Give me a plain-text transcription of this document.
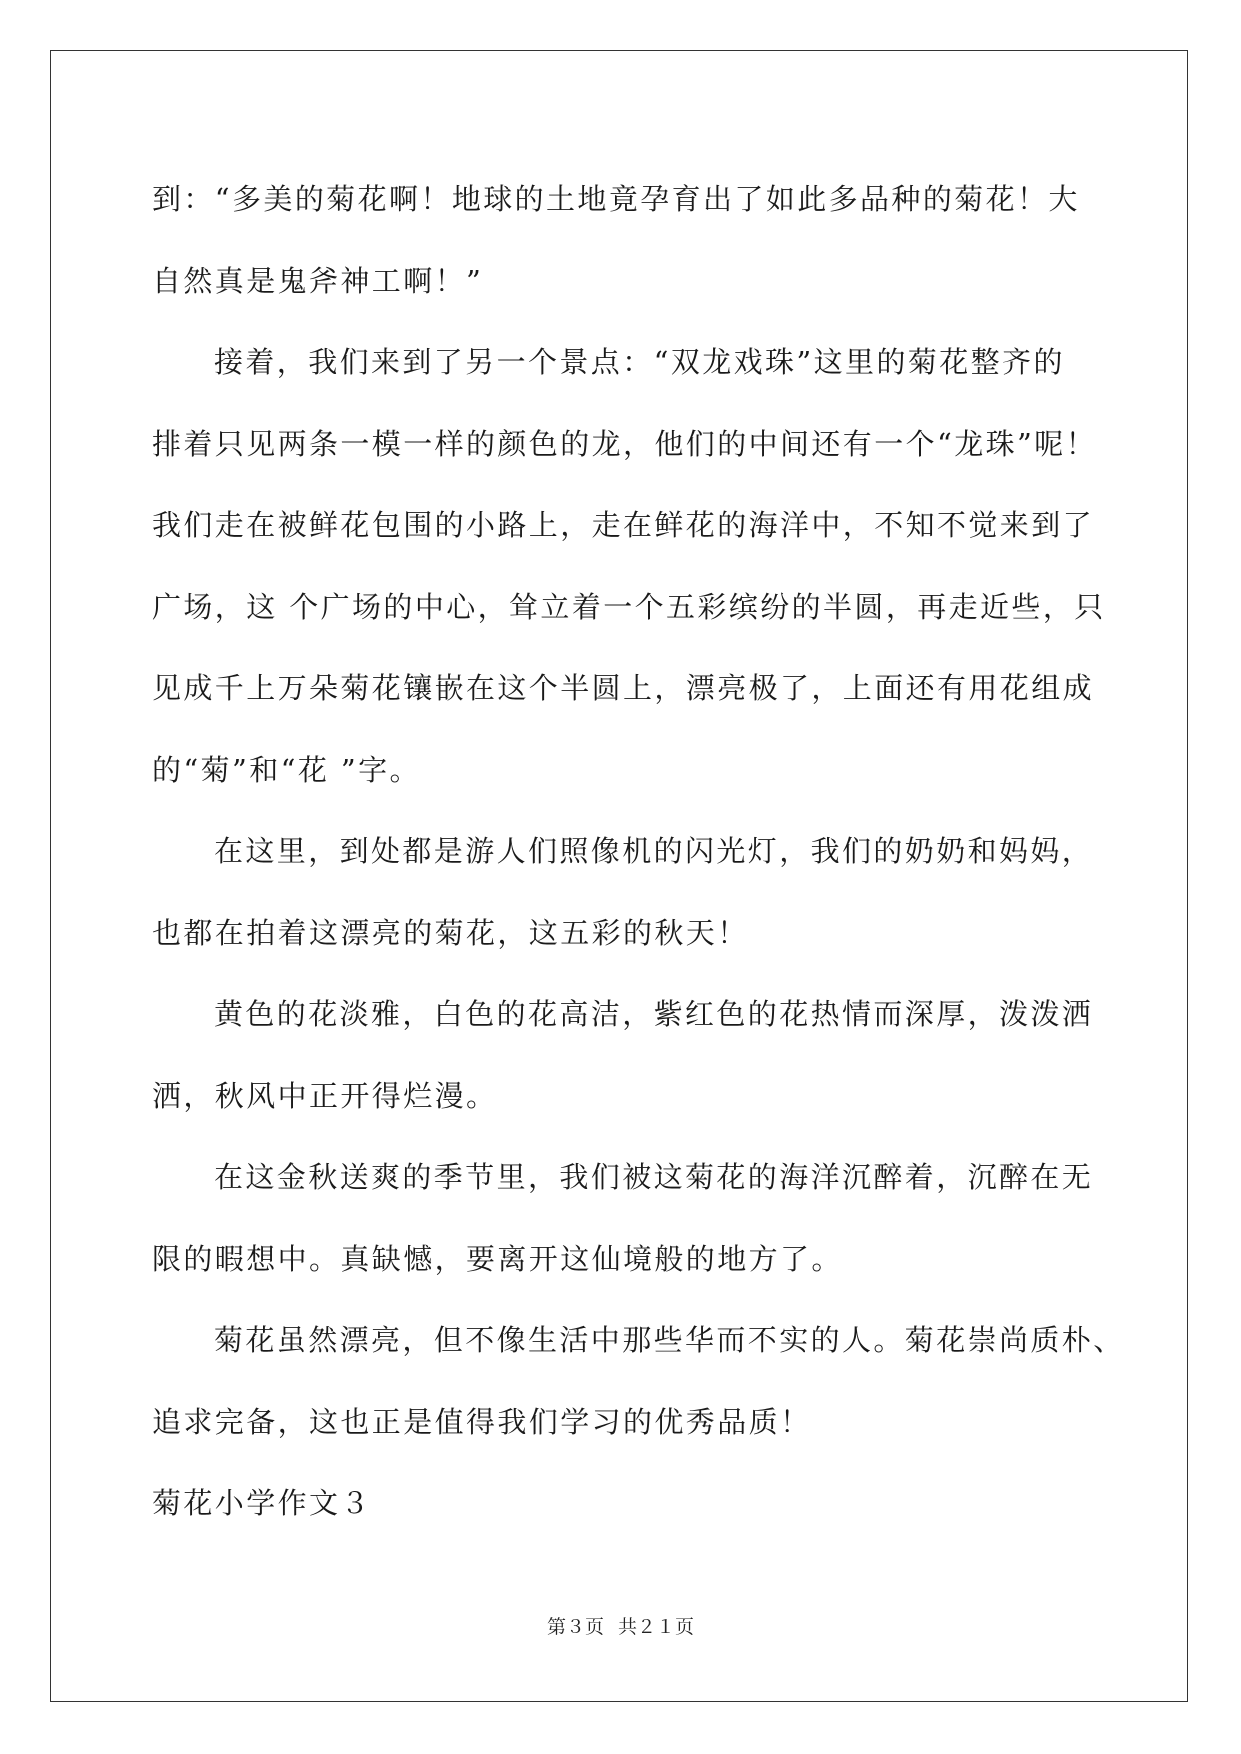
到：“多美的菊花啊！地球的土地竟孕育出了如此多品种的菊花！大
自然真是鬼斧神工啊！”
接着，我们来到了另一个景点：“双龙戏珠”这里的菊花整齐的
排着只见两条一模一样的颜色的龙，他们的中间还有一个“龙珠”呢！
我们走在被鲜花包围的小路上，走在鲜花的海洋中，不知不觉来到了
广场，这 个广场的中心，耸立着一个五彩缤纷的半圆，再走近些，只
见成千上万朵菊花镶嵌在这个半圆上，漂亮极了，上面还有用花组成
的“菊”和“花 ”字。
在这里，到处都是游人们照像机的闪光灯，我们的奶奶和妈妈，
也都在拍着这漂亮的菊花，这五彩的秋天！
黄色的花淡雅，白色的花高洁，紫红色的花热情而深厚，泼泼洒
洒，秋风中正开得烂漫。
在这金秋送爽的季节里，我们被这菊花的海洋沉醉着，沉醉在无
限的暇想中。真缺憾，要离开这仙境般的地方了。
菊花虽然漂亮，但不像生活中那些华而不实的人。菊花崇尚质朴、
追求完备，这也正是值得我们学习的优秀品质！
菊花小学作文３
第３页 共２１页
